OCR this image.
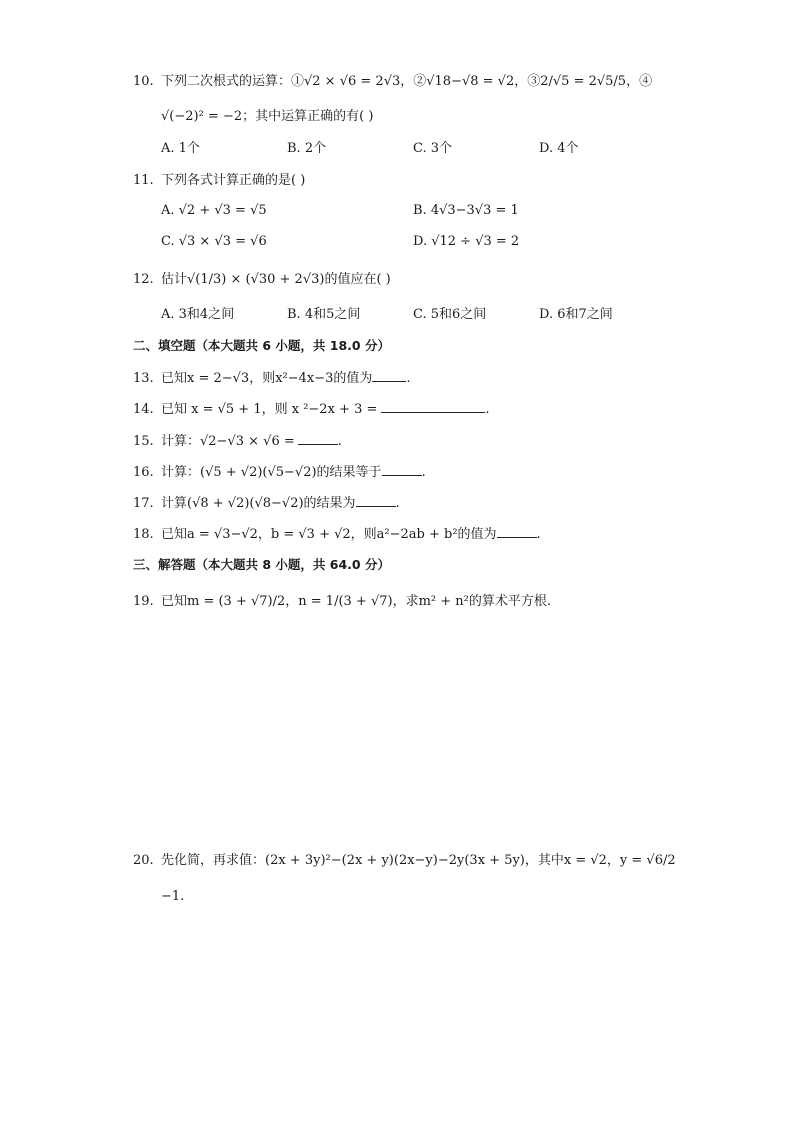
10. 下列二次根式的运算：①√2 × √6 = 2√3，②√18−√8 = √2，③2/√5 = 2√5/5，④
√(−2)² = −2；其中运算正确的有( )
A. 1个	B. 2个	C. 3个	D. 4个
11. 下列各式计算正确的是( )
A. √2 + √3 = √5	B. 4√3−3√3 = 1
C. √3 × √3 = √6	D. √12 ÷ √3 = 2
12. 估计√(1/3) × (√30 + 2√3)的值应在( )
A. 3和4之间	B. 4和5之间	C. 5和6之间	D. 6和7之间
二、填空题（本大题共 6 小题，共 18.0 分）
13. 已知x = 2−√3，则x²−4x−3的值为	.
14. 已知 x = √5 + 1，则 x ²−2x + 3 =	.
15. 计算：√2−√3 × √6 =	.
16. 计算：(√5 + √2)(√5−√2)的结果等于	.
17. 计算(√8 + √2)(√8−√2)的结果为	.
18. 已知a = √3−√2，b = √3 + √2，则a²−2ab + b²的值为	.
三、解答题（本大题共 8 小题，共 64.0 分）
19. 已知m = (3 + √7)/2，n = 1/(3 + √7)，求m² + n²的算术平方根.
20. 先化简，再求值：(2x + 3y)²−(2x + y)(2x−y)−2y(3x + 5y)，其中x = √2，y = √6/2
−1.
